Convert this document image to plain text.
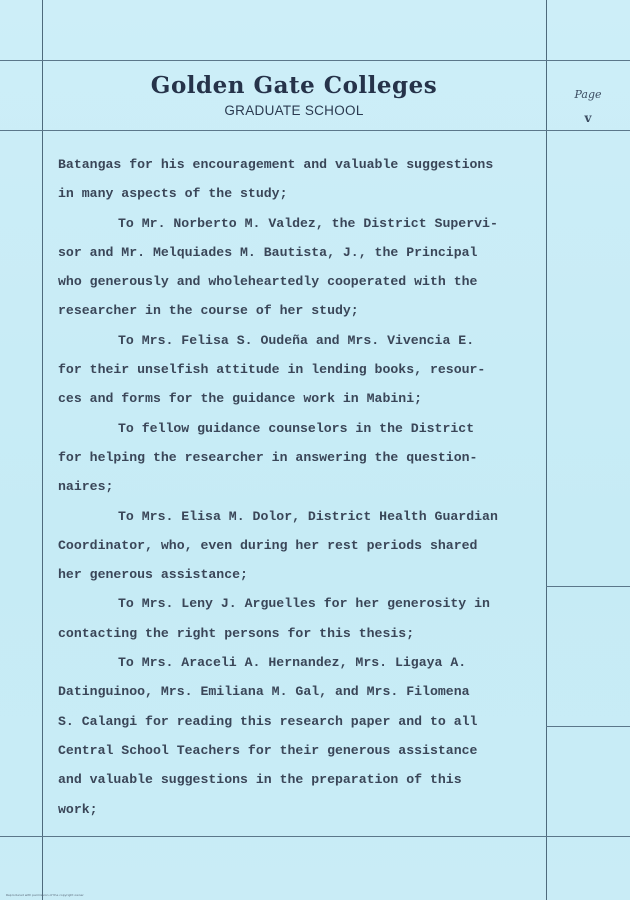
Golden Gate Colleges
GRADUATE SCHOOL
Page
v
Batangas for his encouragement and valuable suggestions
in many aspects of the study;
To Mr. Norberto M. Valdez, the District Supervi-
sor and Mr. Melquiades M. Bautista, J., the Principal
who generously and wholeheartedly cooperated with the
researcher in the course of her study;
To Mrs. Felisa S. Oudeña and Mrs. Vivencia E.
for their unselfish attitude in lending books, resour-
ces and forms for the guidance work in Mabini;
To fellow guidance counselors in the District
for helping the researcher in answering the question-
naires;
To Mrs. Elisa M. Dolor, District Health Guardian
Coordinator, who, even during her rest periods shared
her generous assistance;
To Mrs. Leny J. Arguelles for her generosity in
contacting the right persons for this thesis;
To Mrs. Araceli A. Hernandez, Mrs. Ligaya A.
Datinguinoo, Mrs. Emiliana M. Gal, and Mrs. Filomena
S. Calangi for reading this research paper and to all
Central School Teachers for their generous assistance
and valuable suggestions in the preparation of this
work;
Reproduced with permission of the copyright owner
